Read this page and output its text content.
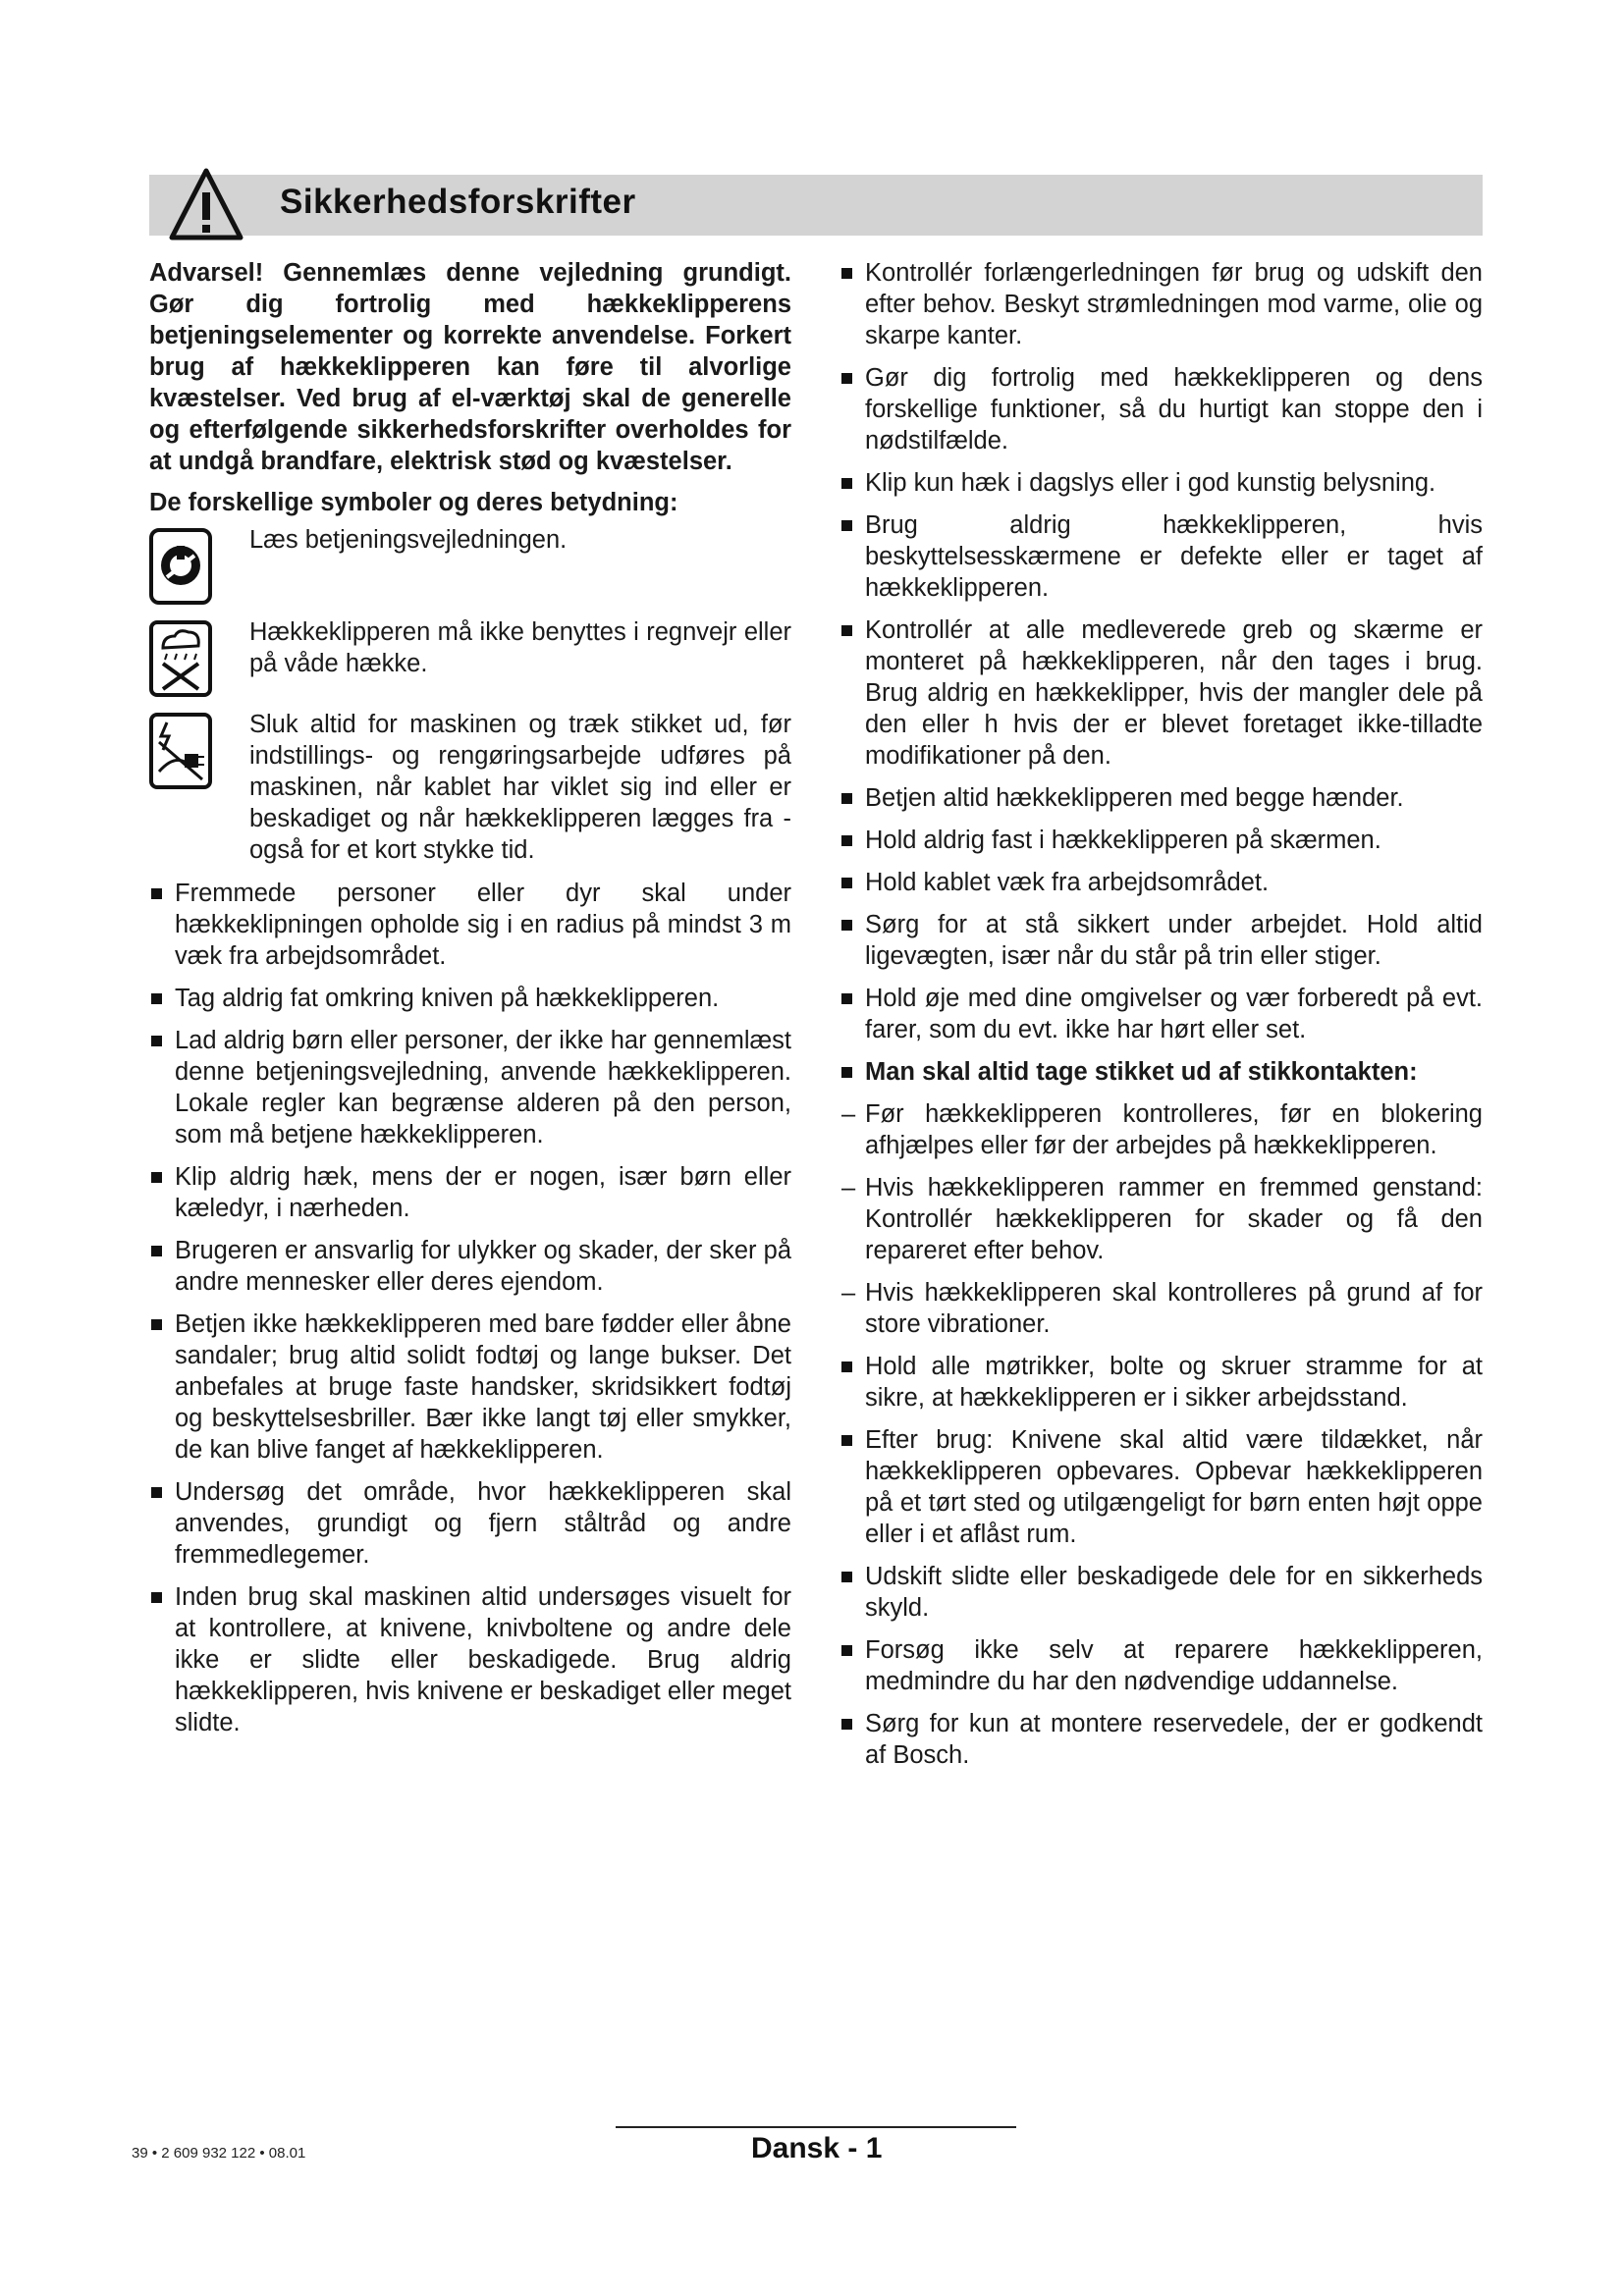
Sikkerhedsforskrifter

Advarsel! Gennemlæs denne vejledning grundigt. Gør dig fortrolig med hækkeklipperens betjeningselementer og korrekte anvendelse. Forkert brug af hækkeklipperen kan føre til alvorlige kvæstelser. Ved brug af el-værktøj skal de generelle og efterfølgende sikkerhedsforskrifter overholdes for at undgå brandfare, elektrisk stød og kvæstelser.

De forskellige symboler og deres betydning:

Læs betjeningsvejledningen.
Hækkeklipperen må ikke benyttes i regnvejr eller på våde hække.
Sluk altid for maskinen og træk stikket ud, før indstillings- og rengøringsarbejde udføres på maskinen, når kablet har viklet sig ind eller er beskadiget og når hækkeklipperen lægges fra - også for et kort stykke tid.
Fremmede personer eller dyr skal under hækkeklipningen opholde sig i en radius på mindst 3 m væk fra arbejdsområdet.
Tag aldrig fat omkring kniven på hækkeklipperen.
Lad aldrig børn eller personer, der ikke har gennemlæst denne betjeningsvejledning, anvende hækkeklipperen. Lokale regler kan begrænse alderen på den person, som må betjene hækkeklipperen.
Klip aldrig hæk, mens der er nogen, især børn eller kæledyr, i nærheden.
Brugeren er ansvarlig for ulykker og skader, der sker på andre mennesker eller deres ejendom.
Betjen ikke hækkeklipperen med bare fødder eller åbne sandaler; brug altid solidt fodtøj og lange bukser. Det anbefales at bruge faste handsker, skridsikkert fodtøj og beskyttelsesbriller. Bær ikke langt tøj eller smykker, de kan blive fanget af hækkeklipperen.
Undersøg det område, hvor hækkeklipperen skal anvendes, grundigt og fjern ståltråd og andre fremmedlegemer.
Inden brug skal maskinen altid undersøges visuelt for at kontrollere, at knivene, knivboltene og andre dele ikke er slidte eller beskadigede. Brug aldrig hækkeklipperen, hvis knivene er beskadiget eller meget slidte.
Kontrollér forlængerledningen før brug og udskift den efter behov. Beskyt strømledningen mod varme, olie og skarpe kanter.
Gør dig fortrolig med hækkeklipperen og dens forskellige funktioner, så du hurtigt kan stoppe den i nødstilfælde.
Klip kun hæk i dagslys eller i god kunstig belysning.
Brug aldrig hækkeklipperen, hvis beskyttelsesskærmene er defekte eller er taget af hækkeklipperen.
Kontrollér at alle medleverede greb og skærme er monteret på hækkeklipperen, når den tages i brug. Brug aldrig en hækkeklipper, hvis der mangler dele på den eller h hvis der er blevet foretaget ikke-tilladte modifikationer på den.
Betjen altid hækkeklipperen med begge hænder.
Hold aldrig fast i hækkeklipperen på skærmen.
Hold kablet væk fra arbejdsområdet.
Sørg for at stå sikkert under arbejdet. Hold altid ligevægten, især når du står på trin eller stiger.
Hold øje med dine omgivelser og vær forberedt på evt. farer, som du evt. ikke har hørt eller set.
Man skal altid tage stikket ud af stikkontakten:
– Før hækkeklipperen kontrolleres, før en blokering afhjælpes eller før der arbejdes på hækkeklipperen.
– Hvis hækkeklipperen rammer en fremmed genstand: Kontrollér hækkeklipperen for skader og få den repareret efter behov.
– Hvis hækkeklipperen skal kontrolleres på grund af for store vibrationer.
Hold alle møtrikker, bolte og skruer stramme for at sikre, at hækkeklipperen er i sikker arbejdsstand.
Efter brug: Knivene skal altid være tildækket, når hækkeklipperen opbevares. Opbevar hækkeklipperen på et tørt sted og utilgængeligt for børn enten højt oppe eller i et aflåst rum.
Udskift slidte eller beskadigede dele for en sikkerheds skyld.
Forsøg ikke selv at reparere hækkeklipperen, medmindre du har den nødvendige uddannelse.
Sørg for kun at montere reservedele, der er godkendt af Bosch.
39 • 2 609 932 122 • 08.01	Dansk - 1
